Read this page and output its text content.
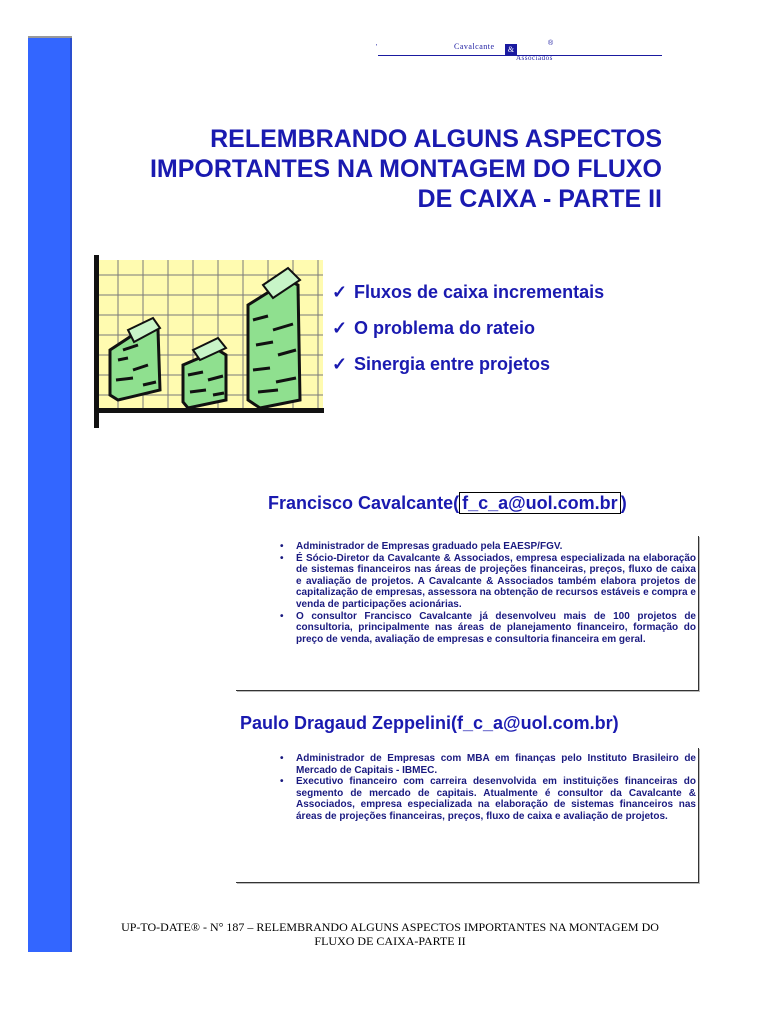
'	Cavalcante	&
®
Associados
RELEMBRANDO ALGUNS ASPECTOS
IMPORTANTES NA MONTAGEM DO FLUXO
DE CAIXA - PARTE II
✓ Fluxos de caixa incrementais
✓ O problema do rateio
✓ Sinergia entre projetos
Francisco Cavalcante( f_c_a@uol.com.br )
• Administrador de Empresas graduado pela EAESP/FGV.
• É Sócio-Diretor da Cavalcante & Associados, empresa especializada na elaboração de sistemas financeiros nas áreas de projeções financeiras, preços, fluxo de caixa e avaliação de projetos. A Cavalcante & Associados também elabora projetos de capitalização de empresas, assessora na obtenção de recursos estáveis e compra e venda de participações acionárias.
• O consultor Francisco Cavalcante já desenvolveu mais de 100 projetos de consultoria, principalmente nas áreas de planejamento financeiro, formação do preço de venda, avaliação de empresas e consultoria financeira em geral.
Paulo Dragaud Zeppelini(f_c_a@uol.com.br)
• Administrador de Empresas com MBA em finanças pelo Instituto Brasileiro de Mercado de Capitais - IBMEC.
• Executivo financeiro com carreira desenvolvida em instituições financeiras do segmento de mercado de capitais. Atualmente é consultor da Cavalcante & Associados, empresa especializada na elaboração de sistemas financeiros nas áreas de projeções financeiras, preços, fluxo de caixa e avaliação de projetos.
UP-TO-DATE® - N° 187 – RELEMBRANDO ALGUNS ASPECTOS IMPORTANTES NA MONTAGEM DO
FLUXO DE CAIXA-PARTE II
